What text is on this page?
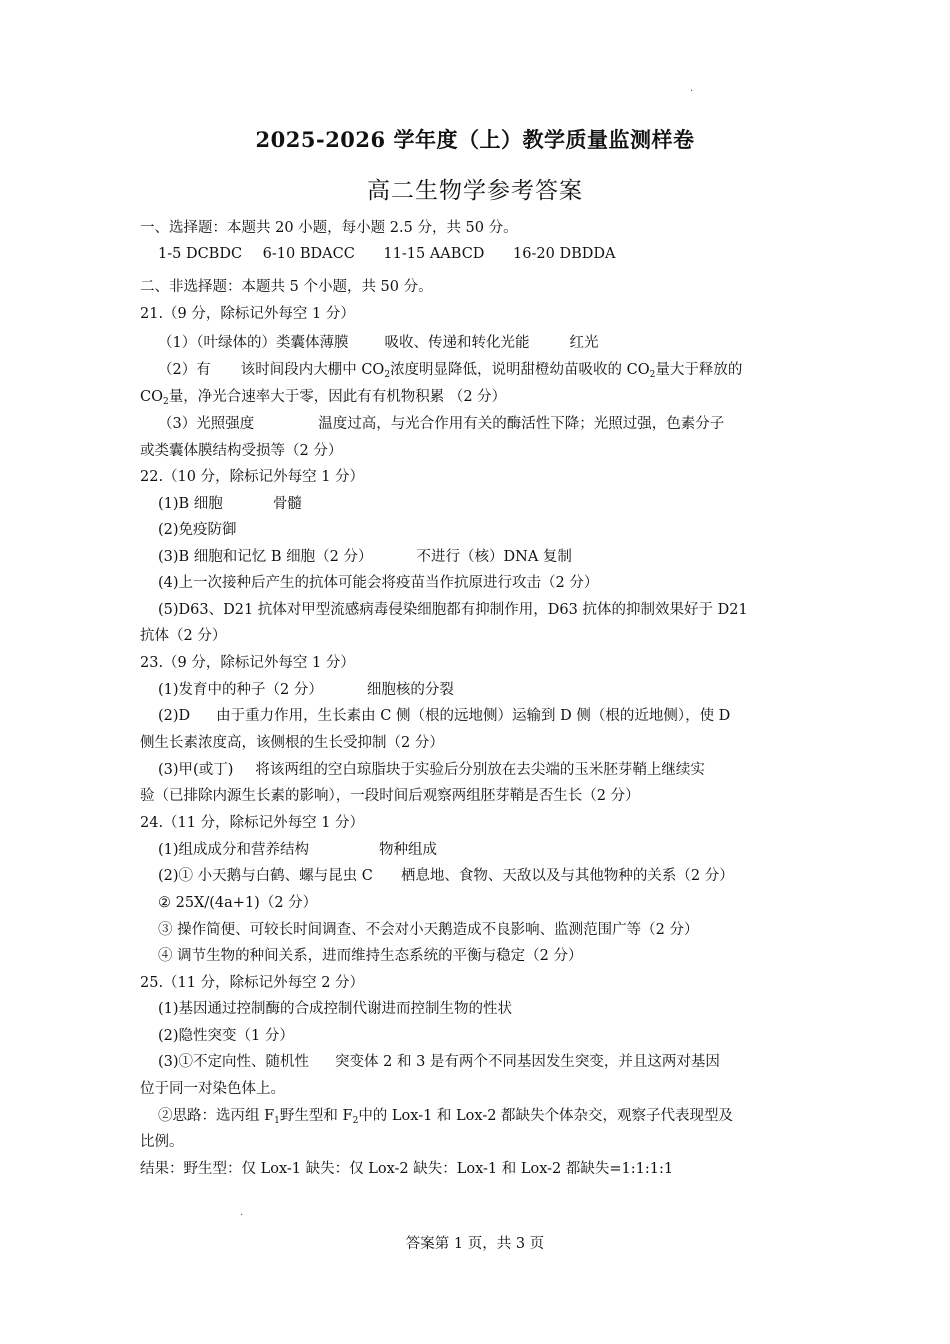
·
·
2025-2026 学年度（上）教学质量监测样卷
高二生物学参考答案
一、选择题：本题共 20 小题，每小题 2.5 分，共 50 分。
1-5 DCBDC 6-10 BDACC 11-15 AABCD 16-20 DBDDA
二、非选择题：本题共 5 个小题，共 50 分。
21.（9 分，除标记外每空 1 分）
（1）（叶绿体的）类囊体薄膜 吸收、传递和转化光能	红光
（2）有 该时间段内大棚中 $CO_2$浓度明显降低，说明甜橙幼苗吸收的 $CO_2$量大于释放的
$CO_2$量，净光合速率大于零，因此有有机物积累 （2 分）
（3）光照强度	温度过高，与光合作用有关的酶活性下降；光照过强，色素分子
或类囊体膜结构受损等（2 分）
22.（10 分，除标记外每空 1 分）
(1)B 细胞	骨髓
(2)免疫防御
(3)B 细胞和记忆 B 细胞（2 分）	不进行（核）DNA 复制
(4)上一次接种后产生的抗体可能会将疫苗当作抗原进行攻击（2 分）
(5)D63、D21 抗体对甲型流感病毒侵染细胞都有抑制作用，D63 抗体的抑制效果好于 D21
抗体（2 分）
23.（9 分，除标记外每空 1 分）
(1)发育中的种子（2 分）	细胞核的分裂
(2)D 由于重力作用，生长素由 C 侧（根的远地侧）运输到 D 侧（根的近地侧），使 D
侧生长素浓度高，该侧根的生长受抑制（2 分）
(3)甲(或丁) 将该两组的空白琼脂块于实验后分别放在去尖端的玉米胚芽鞘上继续实
验（已排除内源生长素的影响），一段时间后观察两组胚芽鞘是否生长（2 分）
24.（11 分，除标记外每空 1 分）
(1)组成成分和营养结构	物种组成
(2)① 小天鹅与白鹤、螺与昆虫 C 栖息地、食物、天敌以及与其他物种的关系（2 分）
② 25X/(4a+1)（2 分）
③ 操作简便、可较长时间调查、不会对小天鹅造成不良影响、监测范围广等（2 分）
④ 调节生物的种间关系，进而维持生态系统的平衡与稳定（2 分）
25.（11 分，除标记外每空 2 分）
(1)基因通过控制酶的合成控制代谢进而控制生物的性状
(2)隐性突变（1 分）
(3)①不定向性、随机性 突变体 2 和 3 是有两个不同基因发生突变，并且这两对基因
位于同一对染色体上。
②思路：选丙组 $F_1$野生型和 $F_2$中的 Lox-1 和 Lox-2 都缺失个体杂交，观察子代表现型及
比例。
结果：野生型：仅 Lox-1 缺失：仅 Lox-2 缺失：Lox-1 和 Lox-2 都缺失=1:1:1:1
答案第 1 页，共 3 页
